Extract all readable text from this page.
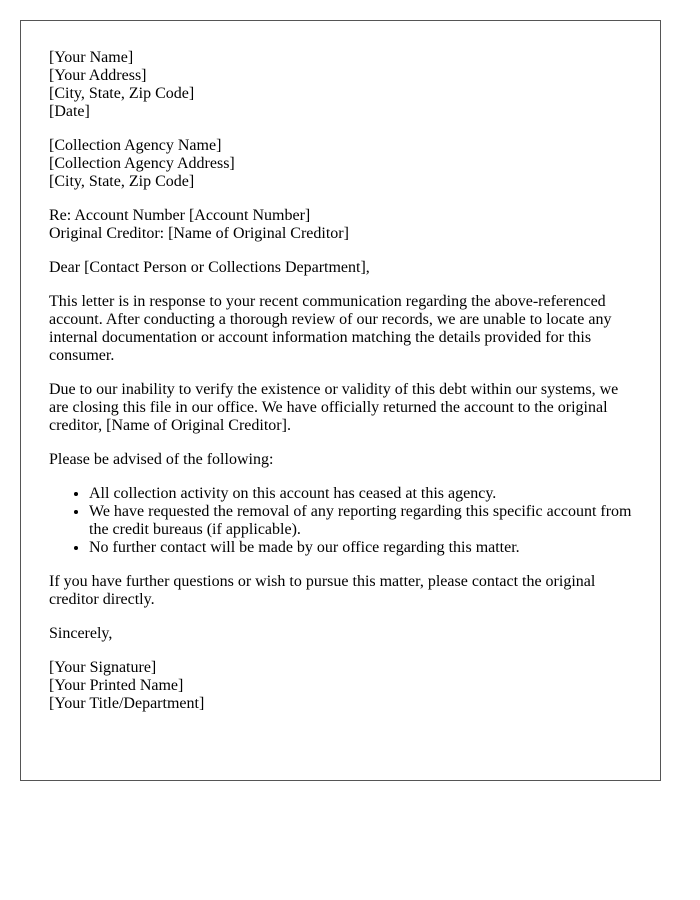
[Your Name]
[Your Address]
[City, State, Zip Code]
[Date]

[Collection Agency Name]
[Collection Agency Address]
[City, State, Zip Code]

Re: Account Number [Account Number]
Original Creditor: [Name of Original Creditor]

Dear [Contact Person or Collections Department],

This letter is in response to your recent communication regarding the above-referenced account. After conducting a thorough review of our records, we are unable to locate any internal documentation or account information matching the details provided for this consumer.

Due to our inability to verify the existence or validity of this debt within our systems, we are closing this file in our office. We have officially returned the account to the original creditor, [Name of Original Creditor].

Please be advised of the following:

• All collection activity on this account has ceased at this agency.
• We have requested the removal of any reporting regarding this specific account from the credit bureaus (if applicable).
• No further contact will be made by our office regarding this matter.

If you have further questions or wish to pursue this matter, please contact the original creditor directly.

Sincerely,

[Your Signature]
[Your Printed Name]
[Your Title/Department]
